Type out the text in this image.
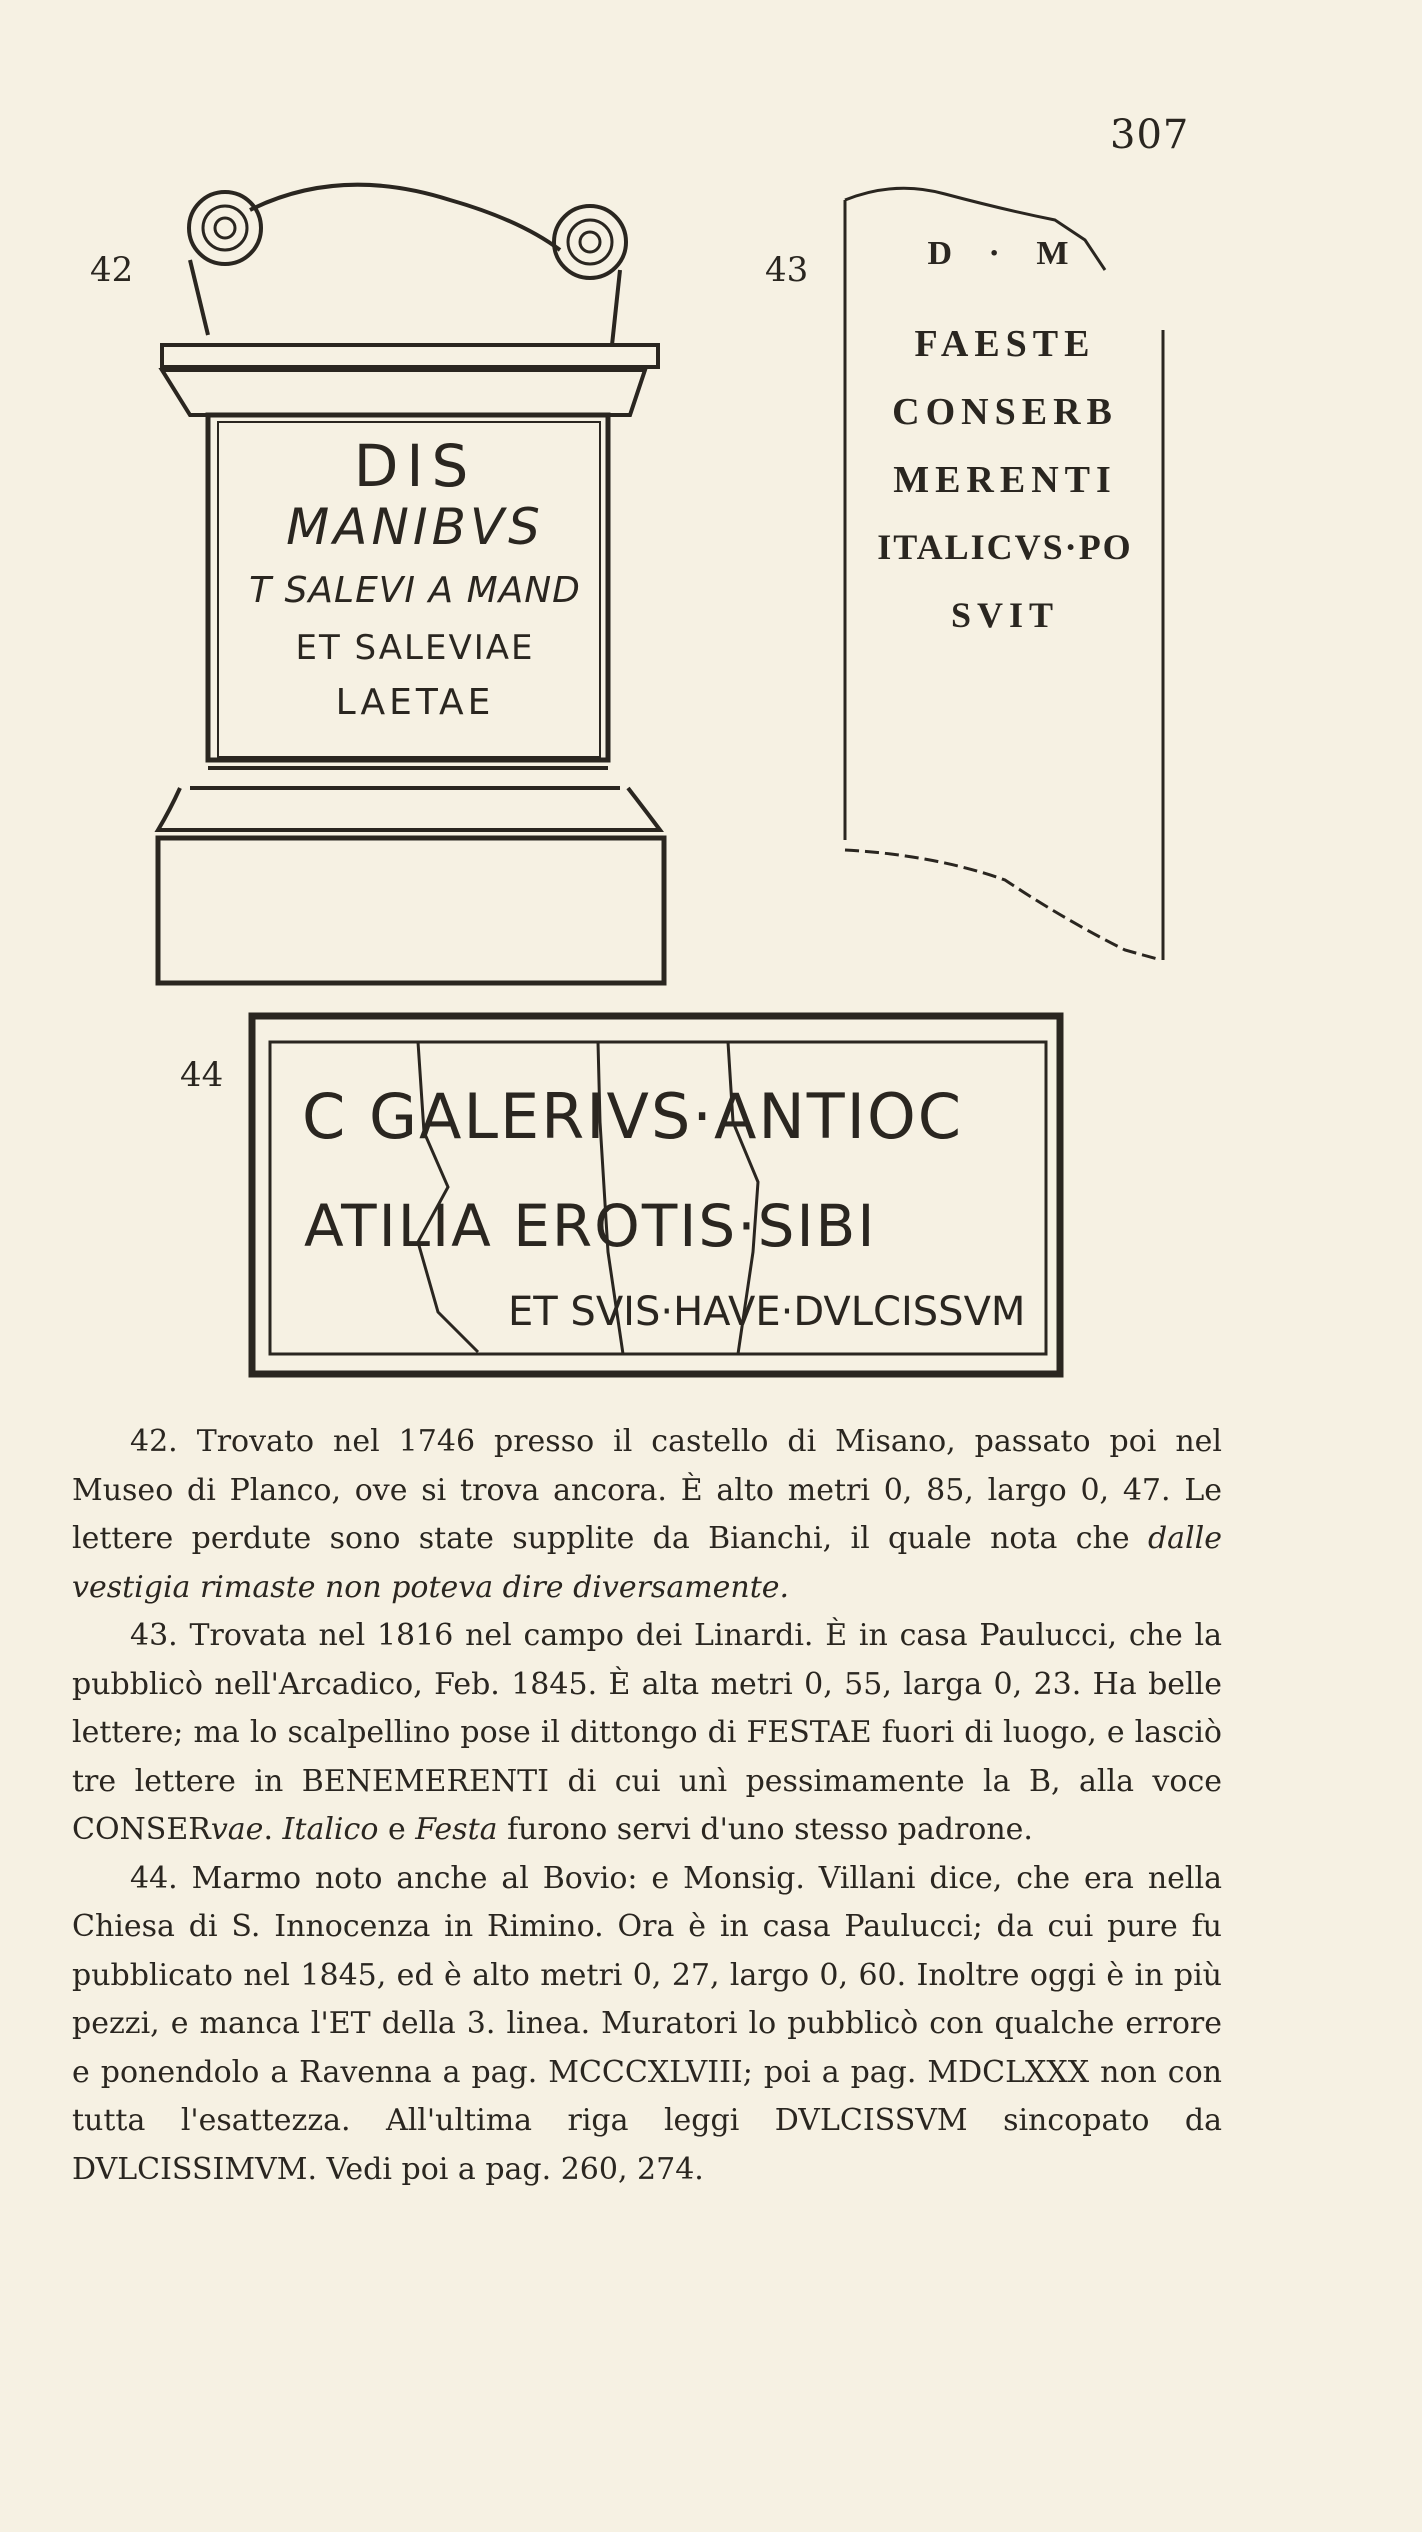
307
42
DIS
MANIBVS
T SALEVI A MAND
ET SALEVIAE
LAETAE
43	D · M
FAESTE
CONSERB
MERENTI
ITALICVS·PO
SVIT
44
C GALERIVS·ANTIOC
ATILIA EROTIS·SIBI
ET SVIS·HAVE·DVLCISSVM

42. Trovato nel 1746 presso il castello di Misano, passato poi nel Museo di Planco, ove si trova ancora. È alto metri 0, 85, largo 0, 47. Le lettere perdute sono state supplite da Bianchi, il quale nota che dalle vestigia rimaste non poteva dire diversamente.

43. Trovata nel 1816 nel campo dei Linardi. È in casa Paulucci, che la pubblicò nell'Arcadico, Feb. 1845. È alta metri 0, 55, larga 0, 23. Ha belle lettere; ma lo scalpellino pose il dittongo di FESTAE fuori di luogo, e lasciò tre lettere in BENEMERENTI di cui unì pessimamente la B, alla voce CONSERvae. Italico e Festa furono servi d'uno stesso padrone.

44. Marmo noto anche al Bovio: e Monsig. Villani dice, che era nella Chiesa di S. Innocenza in Rimino. Ora è in casa Paulucci; da cui pure fu pubblicato nel 1845, ed è alto metri 0, 27, largo 0, 60. Inoltre oggi è in più pezzi, e manca l'ET della 3. linea. Muratori lo pubblicò con qualche errore e ponendolo a Ravenna a pag. MCCCXLVIII; poi a pag. MDCLXXX non con tutta l'esattezza. All'ultima riga leggi DVLCISSVM sincopato da DVLCISSIMVM. Vedi poi a pag. 260, 274.
